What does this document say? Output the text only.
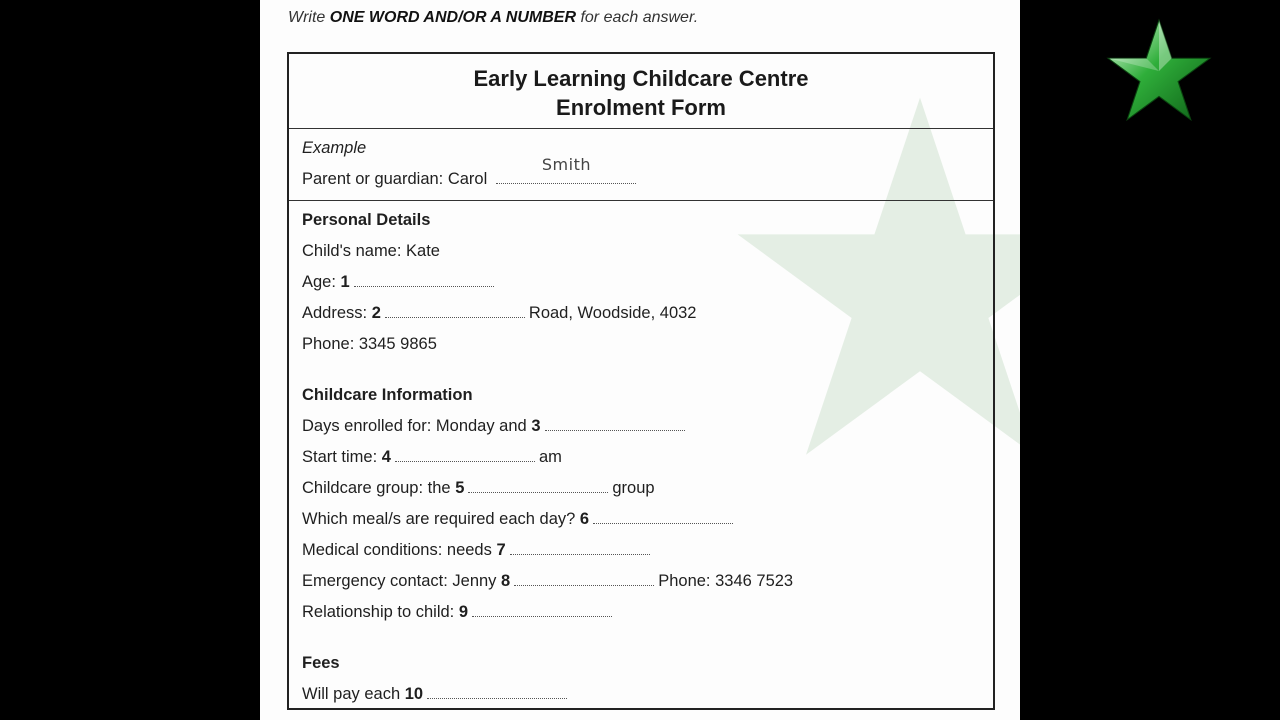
Write ONE WORD AND/OR A NUMBER for each answer.
Early Learning Childcare Centre
Enrolment Form
Example
Parent or guardian: Carol
Smith
Personal Details
Child's name: Kate
Age: 1
Address: 2	Road, Woodside, 4032
Phone: 3345 9865
Childcare Information
Days enrolled for: Monday and 3
Start time: 4	am
Childcare group: the 5	group
Which meal/s are required each day? 6
Medical conditions: needs 7
Emergency contact: Jenny 8	Phone: 3346 7523
Relationship to child: 9
Fees
Will pay each 10
